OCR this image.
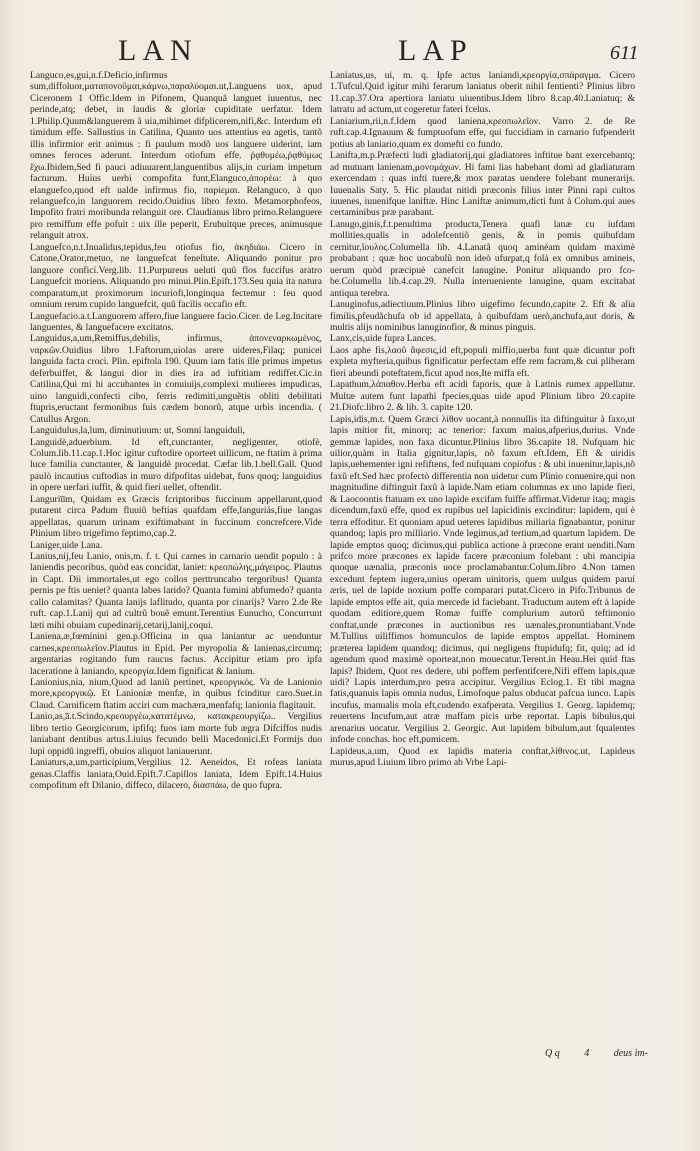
LAN	LAP	611

Languco,es,gui,n.f.Deficio,infirmus sum,diffoluor,ματαπονοῦμαι,κάμνω,παραλύομαι.ut,Languens uox, apud Ciceronem 1 Offic.Idem in Pifonem, Quanquã languet iuuentus, nec perinde,atq; debet, in laudis & gloriæ cupiditate uerfatur. Idem 1.Philip.Quum&languerem ã uia,mihimet difplicerem,nifi,&c. Interdum eft timidum effe. Sallustius in Catilina, Quanto uos attentius ea agetis, tantõ illis infirmior erit animus : fi paulum modõ uos languere uiderint, iam omnes feroces aderunt. Interdum otiofum effe. ῥᾳθυμέω,ῥᾳθύμως ἔχω.Ibidem,Sed fi pauci adiuuarent,languentibus alijs,in curiam impetum facturum. Huius uerbi compofita funt,Elanguco,ἀπορέω: à quo elanguefco,quod eft ualde infirmus fio, παρίεμαι. Relanguco, à quo relanguefco,in languorem recido.Ouidius libro fexto. Metamorphofeos, Impofito fratri moribunda relanguit ore. Claudianus libro primo.Relanguere pro remiffum effe pofuit : uix ille peperit, Erubuitque preces, animusque relanguit atrox.

Languefco,n.t.Inualidus,tepidus,feu otiofus fio, ἀκηδιάω. Cicero in Catone,Orator,metuo, ne languefcat feneſtute. Aliquando ponitur pro languore conficí.Verg.lib. 11.Purpureus ueluti quũ flos fuccifus aratro Languefcit moriens. Aliquando pro minui.Plin.Epift.173.Seu quia ita natura comparatum,ut proximorum incuriofi,longinqua fectemur : feu quod omnium rerum cupido languefcit, quũ facilis occafio eft.

Languefacio.a.t.Languorem affero,fiue languere facio.Cicer. de Leg.Incitare languentes, & languefacere excitatos.

Languidus,a,um,Remiffus,debilis, infirmus, ἀπονεναρκωμένος, ναρκῶν.Ouidius libro 1.Faftorum,uiolas arere uideres,Filaq; punicei languida facta croci. Plin. epiftola 190. Quum iam fatis ille primus impetus deferbuiffet, & langui dior in dies ira ad iuftitiam rediffet.Cic.in Catilina,Qui mi hi accubantes in conuiuijs,complexi mulieres impudicas, uino languidi,confecti cibo, ferris redimiti,unguẽtis obliti debilitati ftupris,eructant fermonibus fuis cædem bonorũ, atque urbis incendia. ( Catullus Argon.

Languidulus,la,lum, diminutiuum: ut, Somni languiduli,

Languidè,aduerbium. Id eft,cunctanter, negligenter, otiofè, Colum.lib.11.cap.1.Hoc igitur cuftodire oporteet uillicum, ne ftatim à prima luce familia cunctanter, & languidè procedat. Cæfar lib.1.bell.Gall. Quod paulò incautius cuftodias in muro difpofitas uidebat, fuos quoq; languidius in opere uerfari iuffit, & quid fieri uellet, oftendit.

Languriu̅m, Quidam ex Græcis fcriptoribus fuccinum appellarunt,quod putarent circa Padum fluuiũ beftias quafdam effe,languriás,fiue langas appellatas, quarum urinam exiftimabant in fuccinum concrefcere.Vide Plinium libro trigefimo feptimo,cap.2.

Laniger,uide Lana.

Lanius,nij,feu Lanio, onis,m. f. t. Qui carnes in carnario uendit populo : à laniendis pecoribus, quòd eas concidat, laniet: κρεοπώλης,μάγειρος. Plautus in Capt. Dii immortales,ut ego collos perttruncabo tergoribus! Quanta pernis pe ftis ueniet? quanta labes larido? Quanta fumini abfumedo? quanta callo calamitas? Quanta lanijs laflitudo, quanta por cinarijs? Varro 2.de Re ruft. cap.1.Lanij qui ad cultrũ bouẽ emunt.Terentius Eunucho, Concurrunt læti mihi obuiam cupedinarij,cetarij,lanij,coqui.

Laniena,æ,fœmínini gen.p.Officina in qua laniantur ac uenduntur carnes,κρεοπωλεῖον.Plautus in Epid. Per myropolia & lanienas,circumq; argentarias rogitando fum raucus factus. Accipitur etiam pro ipfa laceratione à laniando, κρεοργία.Idem fignificat & lanium.

Lanionius,nia, nium,Quod ad laniũ pertinet, κρεοργικός. Va de Lanionio more,κρεοργικῷ. Et Lanioniæ menfæ, in quibus fcinditur caro.Suet.in Claud. Carnificem ftatim acciri cum machæra,menfafq; lanionia flagitauit.

Lanio,as,a̅.t.Scindo,κρεουργέω,κατατέμνω, κατακρεουργίζω.. Vergilius libro tertio Georgicorum, ipfifq; fuos iam morte fub ægra Difciffos nudis laniabant dentibus artus.Liuius fecundo belli Macedonici.Et Formijs duo lupi oppidũ ingreffi, obuios aliquot laniauerunt.

Laniaturs,a,um,participium,Vergilius 12. Aeneidos, Et rofeas laniata genas.Claffis laniata,Ouid.Epift.7.Capillos laniata, Idem Epift.14.Huius compofitum eft Dilanio, diffeco, dilacero, διασπάω, de quo fupra.

Laniatus,us, ui, m. q. Ipfe actus laniandi,κρεοργία,σπάραγμα. Cicero 1.Tufcul.Quid igitur mihi ferarum laniatus oberit nihil fentienti? Plinius libro 11.cap.37.Ora apertiora laniatu uiuentibus.Idem libro 8.cap.40.Laniatuq; & latratu ad actum,ut cogeretur fateri fcelus.

Laniarium,rii,n.f.Idem quod laniena,κρεοπωλεῖον. Varro 2. de Re ruft.cap.4.Ignauum & fumptuofum effe, qui fuccidiam in carnario fufpenderit potius ab laniario,quam ex domefti co fundo.

Lanifta,m.p.Præfecti ludi gladiatorij,qui gladiatores inftitue bant exercebantq; ad mutuam lanienam,μονομάχων. Hi fami lias habebant domi ad gladiaturam exercendam : quas infti tuere,& mox paratas uendere folebant munerarijs. Iuuenalis Saty. 5. Hic plaudat nitidi præconis filius inter Pinni rapi cultos iuuenes, iuuenifque laniftæ. Hinc Laniftæ animum,dicti funt à Colum.qui aues certaminibus præ parabant.

Lanugo,ginis,f.t.penultima producta,Tenera quafi lanæ cu iufdam mollities,qualis in adolefcentiõ genis, & in pomis quibufdam cernitur,ἴουλος.Columella lib. 4.Lanatã quoq aminéam quidam maximè probabant : quæ hoc uocabulũ non ideò ufurpat,q folà ex omnibus amineis, uerum quòd præcipuè canefcit lanugine. Ponitur aliquando pro fco-be.Columella lib.4.cap.29. Nulla interueniente lanugine, quam excitabat antiqua terebra.

Lanuginofus,adiectiuum.Plinius libro uigefimo fecundo,capite 2. Eft & alia fimilis,pfeudãchufa ob id appellata, à quibufdam uerò,anchufa,aut doris, & multis alijs nominibus lanuginofior, & minus pinguis.

Lanx,cis,uide fupra Lances.

Laos aphe fis,λαοῦ ἄφεσις,id eft,populi miffio,uerba funt quæ dicuntur poft expleta myfteria,quibus fignificatur perfectam effe rem facram,& cui pliberam fieri abeundi poteftatem,ficut apud nos,Ite miffa eft.

Lapathum,λάπαθον.Herba eft acidi faporis, quæ à Latinis rumex appellatur. Multæ autem funt lapathi fpecies,quas uide apud Plinium libro 20.capite 21.Diofc.libro 2. & lib. 3. capite 120.

Lapis,idis,m.t. Quem Græci λίθον uocant,à nonnullis ita diftinguitur à faxo,ut lapis mitior fit, minorq; ac tenerior: faxum maius,afperius,durius. Vnde gemmæ lapides, non faxa dicuntur.Plinius libro 36.capite 18. Nufquam hic uilior,quàm in Italia gignitur,lapis, nõ faxum eft.Idem, Eft & uiridis lapis,uehementer igni refiftens, fed nufquam copiofus : & ubi inuenitur,lapis,nõ faxũ eft.Sed hæc profectò differentia non uidetur cum Plinio conuenire,qui non magnitudine diftinguit faxũ à lapide.Nam etiam columnas ex uno lapide fieri, & Laocoontis ftatuam ex uno lapide excifam fuiffe affirmat.Videtur itaq; magis dicendum,faxũ effe, quod ex rupibus uel lapicidinis excinditur: lapidem, qui è terra effoditur. Et quoniam apud ueteres lapidibus miliaria fignabantur, ponitur quandoq; lapis pro milliario. Vnde legimus,ad tertium,ad quartum lapidem. De lapide emptos quoq; dicimus,qui publica actione à præcone erant uenditi.Nam prifco more præcones ex lapide facere præconium folebant : ubi mancipia quoque uænalia, præconis uoce proclamabantur.Colum.libro 4.Non tamen excedunt feptem iugera,unius operam uinitoris, quem uulgus quidem paruí æris, uel de lapide noxium poffe comparari putat.Cicero in Pifo.Tribunus de lapide emptos effe ait, quia mercede id faciebant. Traductum autem eft à lapide quodam editiore,quem Romæ fuiffe complurium autorũ teftimonio conftat,unde præcones in auctionibus res uænales,pronuntiabant.Vnde M.Tullius uiliffimos homunculos de lapide emptos appellat. Hominem præterea lapidem quandoq; dicimus, qui negligens ftupidufq; fit, quiq; ad id agendum quod maximè oporteat,non mouecatur.Terent.in Heau.Hei quid ftas lapis? Ibidem, Quot res dedere, ubi poffem perfentifcere,Nifi effem lapis,quæ uidi? Lapis interdum,pro petra accipitur. Vergilius Eclog.1. Et tibi magna fatis,quanuis lapis omnia nudus, Limofoque palus obducat pafcua iunco. Lapis incufus, manualis mola eft,cudendo exafperata. Vergilius 1. Georg. lapidemq; reuertens Incufum,aut atræ maffam picis urbe reportat. Lapis bibulus,qui arenarius uocatur. Vergilius 2. Georgic. Aut lapidem bibulum,aut fqualentes infode conchas. hoc eft,pumicem.

Lapideus,a,um, Quod ex lapidis materia conftat,λίθινος.ut, Lapideus murus,apud Liuium libro primo ab Vrbe Lapi-

Q q 4 deus im-
